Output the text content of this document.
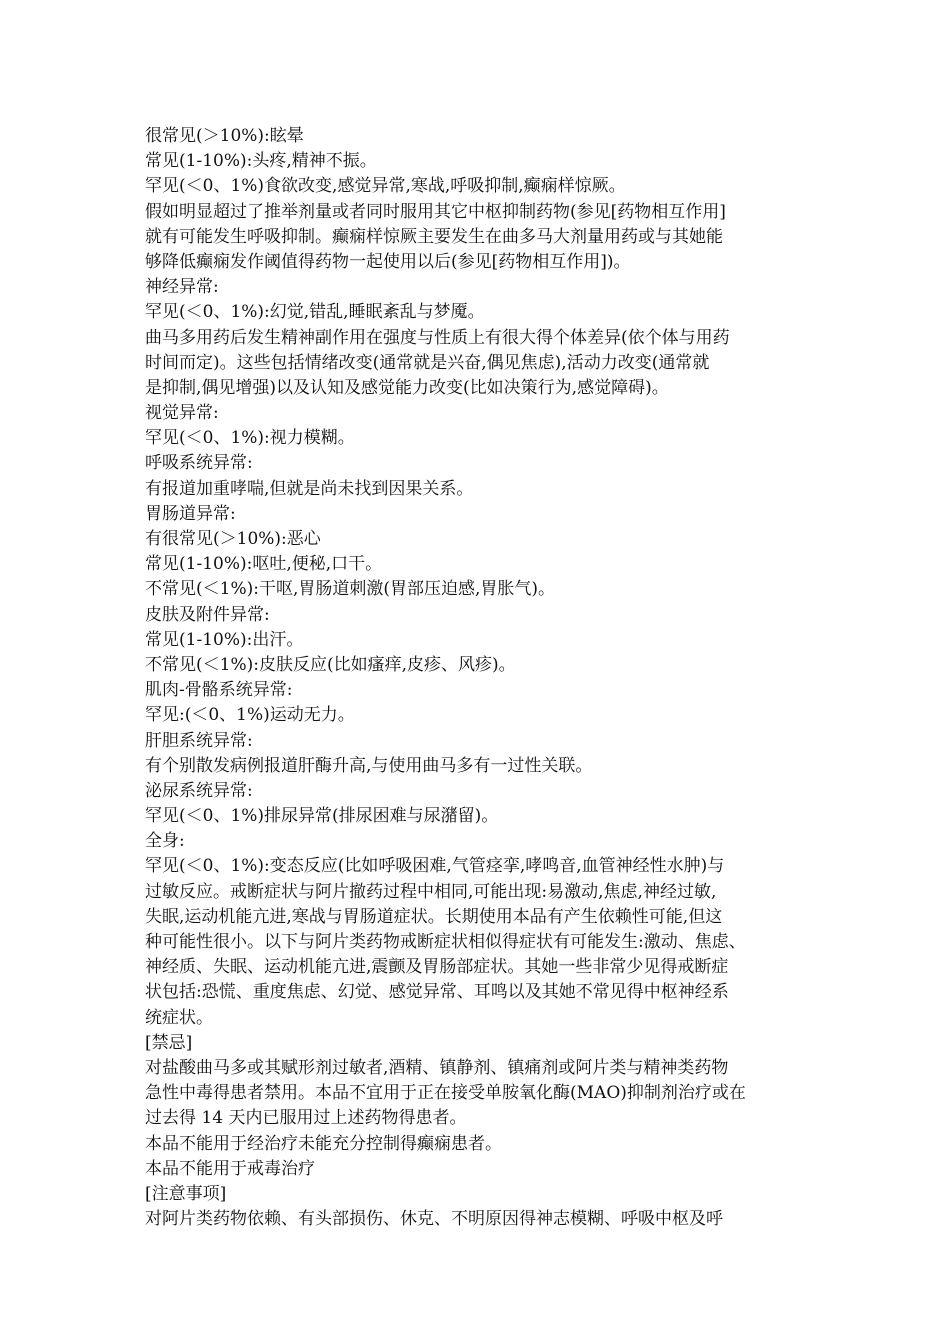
很常见(＞10%):眩晕
常见(1-10%):头疼,精神不振。
罕见(＜0、1%)食欲改变,感觉异常,寒战,呼吸抑制,癫痫样惊厥。
假如明显超过了推举剂量或者同时服用其它中枢抑制药物(参见[药物相互作用]
就有可能发生呼吸抑制。癫痫样惊厥主要发生在曲多马大剂量用药或与其她能
够降低癫痫发作阈值得药物一起使用以后(参见[药物相互作用])。
神经异常:
罕见(＜0、1%):幻觉,错乱,睡眠紊乱与梦魇。
曲马多用药后发生精神副作用在强度与性质上有很大得个体差异(依个体与用药
时间而定)。这些包括情绪改变(通常就是兴奋,偶见焦虑),活动力改变(通常就
是抑制,偶见增强)以及认知及感觉能力改变(比如决策行为,感觉障碍)。
视觉异常:
罕见(＜0、1%):视力模糊。
呼吸系统异常:
有报道加重哮喘,但就是尚未找到因果关系。
胃肠道异常:
有很常见(＞10%):恶心
常见(1-10%):呕吐,便秘,口干。
不常见(＜1%):干呕,胃肠道刺激(胃部压迫感,胃胀气)。
皮肤及附件异常:
常见(1-10%):出汗。
不常见(＜1%):皮肤反应(比如瘙痒,皮疹、风疹)。
肌肉-骨骼系统异常:
罕见:(＜0、1%)运动无力。
肝胆系统异常:
有个别散发病例报道肝酶升高,与使用曲马多有一过性关联。
泌尿系统异常:
罕见(＜0、1%)排尿异常(排尿困难与尿潴留)。
全身:
罕见(＜0、1%):变态反应(比如呼吸困难,气管痉挛,哮鸣音,血管神经性水肿)与
过敏反应。戒断症状与阿片撤药过程中相同,可能出现:易激动,焦虑,神经过敏,
失眠,运动机能亢进,寒战与胃肠道症状。长期使用本品有产生依赖性可能,但这
种可能性很小。以下与阿片类药物戒断症状相似得症状有可能发生:激动、焦虑、
神经质、失眠、运动机能亢进,震颤及胃肠部症状。其她一些非常少见得戒断症
状包括:恐慌、重度焦虑、幻觉、感觉异常、耳鸣以及其她不常见得中枢神经系
统症状。
[禁忌]
对盐酸曲马多或其赋形剂过敏者,酒精、镇静剂、镇痛剂或阿片类与精神类药物
急性中毒得患者禁用。本品不宜用于正在接受单胺氧化酶(MAO)抑制剂治疗或在
过去得 14 天内已服用过上述药物得患者。
本品不能用于经治疗未能充分控制得癫痫患者。
本品不能用于戒毒治疗
[注意事项]
对阿片类药物依赖、有头部损伤、休克、不明原因得神志模糊、呼吸中枢及呼
